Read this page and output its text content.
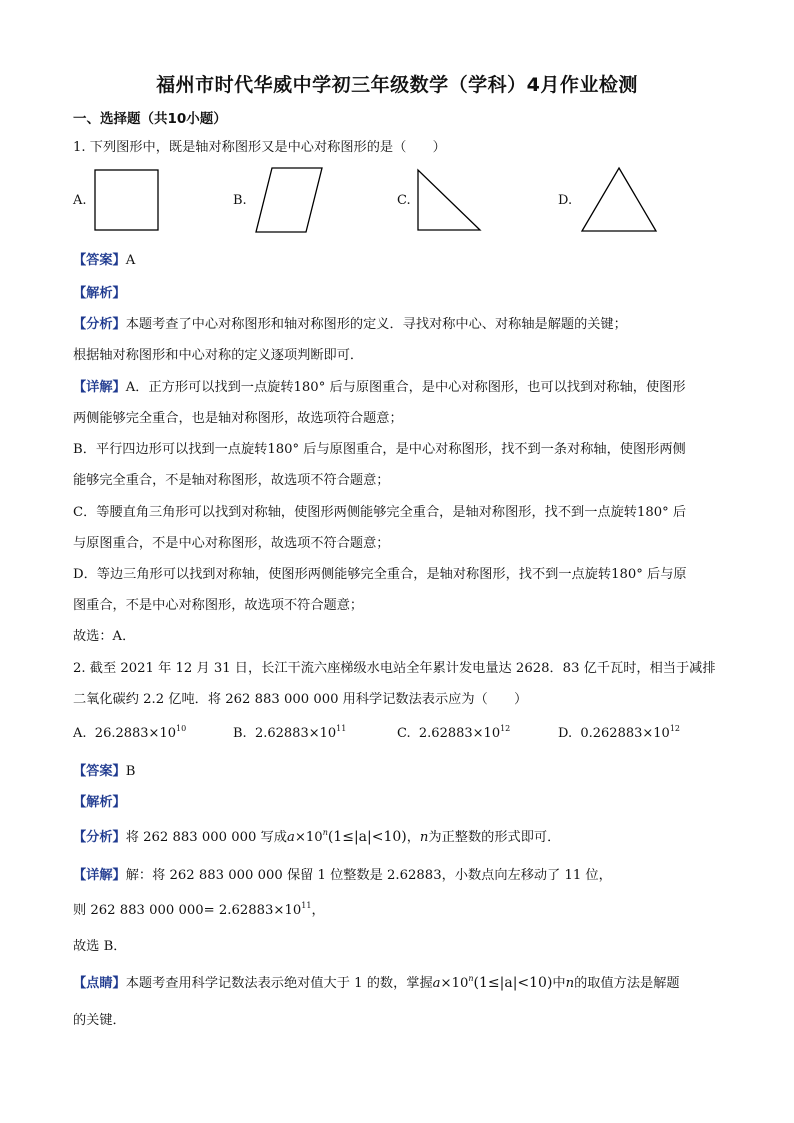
福州市时代华威中学初三年级数学（学科）4月作业检测
一、选择题（共10小题）
1. 下列图形中，既是轴对称图形又是中心对称图形的是（　　）
A.	B.	C.	D.
【答案】A
【解析】
【分析】本题考查了中心对称图形和轴对称图形的定义．寻找对称中心、对称轴是解题的关键；
根据轴对称图形和中心对称的定义逐项判断即可．
【详解】A．正方形可以找到一点旋转180° 后与原图重合，是中心对称图形，也可以找到对称轴，使图形
两侧能够完全重合，也是轴对称图形，故选项符合题意；
B．平行四边形可以找到一点旋转180° 后与原图重合，是中心对称图形，找不到一条对称轴，使图形两侧
能够完全重合，不是轴对称图形，故选项不符合题意；
C．等腰直角三角形可以找到对称轴，使图形两侧能够完全重合，是轴对称图形，找不到一点旋转180° 后
与原图重合，不是中心对称图形，故选项不符合题意；
D．等边三角形可以找到对称轴，使图形两侧能够完全重合，是轴对称图形，找不到一点旋转180° 后与原
图重合，不是中心对称图形，故选项不符合题意；
故选：A．
2. 截至 2021 年 12 月 31 日，长江干流六座梯级水电站全年累计发电量达 2628．83 亿千瓦时，相当于减排
二氧化碳约 2.2 亿吨．将 262 883 000 000 用科学记数法表示应为（　　）
A. $26.2883\times 10^{10}$	B. $2.62883\times 10^{11}$	C. $2.62883\times 10^{12}$	D. $0.262883\times 10^{12}$
【答案】B
【解析】
【分析】将 262 883 000 000 写成$a\times 10^n(1\le|a|<10)$，n为正整数的形式即可．
【详解】解：将 262 883 000 000 保留 1 位整数是 2.62883，小数点向左移动了 11 位，
则 262 883 000 $000= 2.62883\times 10^{11}$，
故选 B．
【点睛】本题考查用科学记数法表示绝对值大于 1 的数，掌握$a\times 10^n(1\le|a|<10)$中n的取值方法是解题
的关键．
